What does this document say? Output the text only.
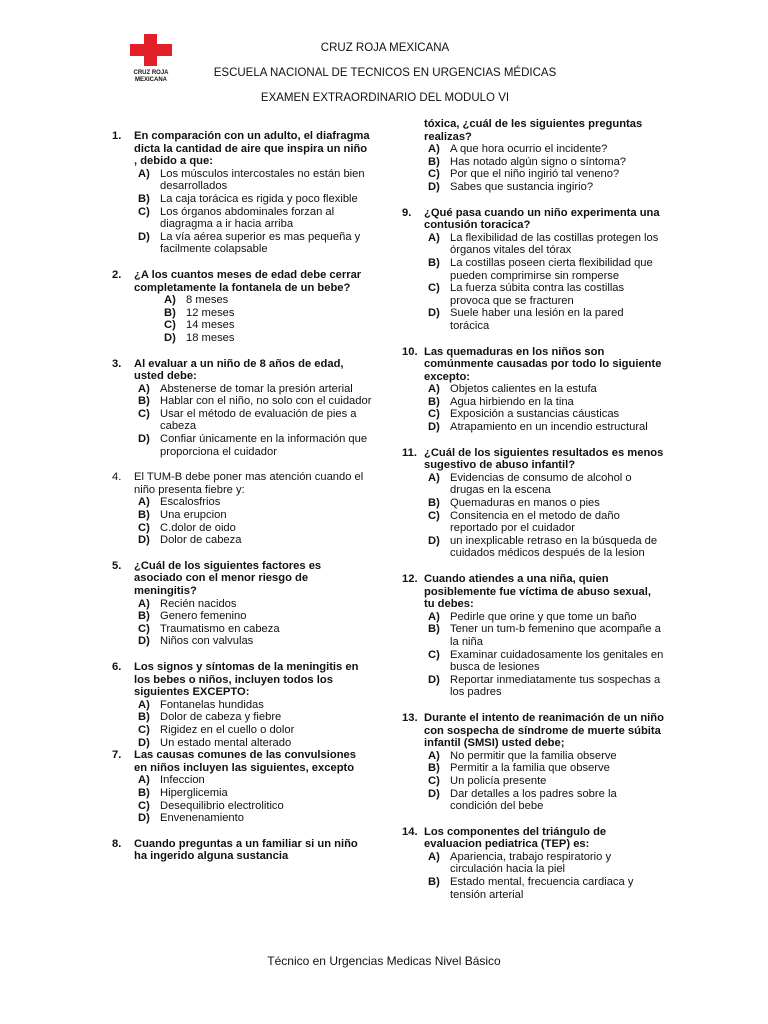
CRUZ ROJA
MEXICANA
CRUZ ROJA MEXICANA
ESCUELA NACIONAL DE TECNICOS EN URGENCIAS MÉDICAS
EXAMEN EXTRAORDINARIO DEL MODULO VI
1. En comparación con un adulto, el diafragma dicta la cantidad de aire que inspira un niño , debido a que:
A) Los músculos intercostales no están bien desarrollados
B) La caja torácica es rigida y poco flexible
C) Los órganos abdominales forzan al diagragma a ir hacia arriba
D) La vía aérea superior es mas pequeña y facilmente colapsable
2. ¿A los cuantos meses de edad debe cerrar completamente la fontanela de un bebe?
A) 8 meses
B) 12 meses
C) 14 meses
D) 18 meses
3. Al evaluar a un niño de 8 años de edad, usted debe:
A) Abstenerse de tomar la presión arterial
B) Hablar con el niño, no solo con el cuidador
C) Usar el método de evaluación de pies a cabeza
D) Confiar únicamente en la información que proporciona el cuidador
4. El TUM-B debe poner mas atención cuando el niño presenta fiebre y:
A) Escalosfrios
B) Una erupcion
C) C.dolor de oido
D) Dolor de cabeza
5. ¿Cuál de los siguientes factores es asociado con el menor riesgo de meningitis?
A) Recién nacidos
B) Genero femenino
C) Traumatismo en cabeza
D) Niños con valvulas
6. Los signos y síntomas de la meningitis en los bebes o niños, incluyen todos los siguientes EXCEPTO:
A) Fontanelas hundidas
B) Dolor de cabeza y fiebre
C) Rigidez en el cuello o dolor
D) Un estado mental alterado
7. Las causas comunes de las convulsiones en niños incluyen las siguientes, excepto
A) Infeccion
B) Hiperglicemia
C) Desequilibrio electrolitico
D) Envenenamiento
8. Cuando preguntas a un familiar si un niño ha ingerido alguna sustancia
tóxica, ¿cuál de les siguientes preguntas realizas?
A) A que hora ocurrio el incidente?
B) Has notado algún signo o síntoma?
C) Por que el niño ingirió tal veneno?
D) Sabes que sustancia ingirio?
9. ¿Qué pasa cuando un niño experimenta una contusión toracica?
A) La flexibilidad de las costillas protegen los órganos vitales del tórax
B) La costillas poseen cierta flexibilidad que pueden comprimirse sin romperse
C) La fuerza súbita contra las costillas provoca que se fracturen
D) Suele haber una lesión en la pared torácica
10. Las quemaduras en los niños son comúnmente causadas por todo lo siguiente excepto:
A) Objetos calientes en la estufa
B) Agua hirbiendo en la tina
C) Exposición a sustancias cáusticas
D) Atrapamiento en un incendio estructural
11. ¿Cuál de los siguientes resultados es menos sugestivo de abuso infantil?
A) Evidencias de consumo de alcohol o drugas en la escena
B) Quemaduras en manos o pies
C) Consitencia en el metodo de daño reportado por el cuidador
D) un inexplicable retraso en la búsqueda de cuidados médicos después de la lesion
12. Cuando atiendes a una niña, quien posiblemente fue víctima de abuso sexual, tu debes:
A) Pedirle que orine y que tome un baño
B) Tener un tum-b femenino que acompañe a la niña
C) Examinar cuidadosamente los genitales en busca de lesiones
D) Reportar inmediatamente tus sospechas a los padres
13. Durante el intento de reanimación de un niño con sospecha de síndrome de muerte súbita infantil (SMSI) usted debe;
A) No permitir que la familia observe
B) Permitir a la familia que observe
C) Un policía presente
D) Dar detalles a los padres sobre la condición del bebe
14. Los componentes del triángulo de evaluacion pediatrica (TEP) es:
A) Apariencia, trabajo respiratorio y circulación hacia la piel
B) Estado mental, frecuencia cardiaca y tensión arterial
Técnico en Urgencias Medicas Nivel Básico
